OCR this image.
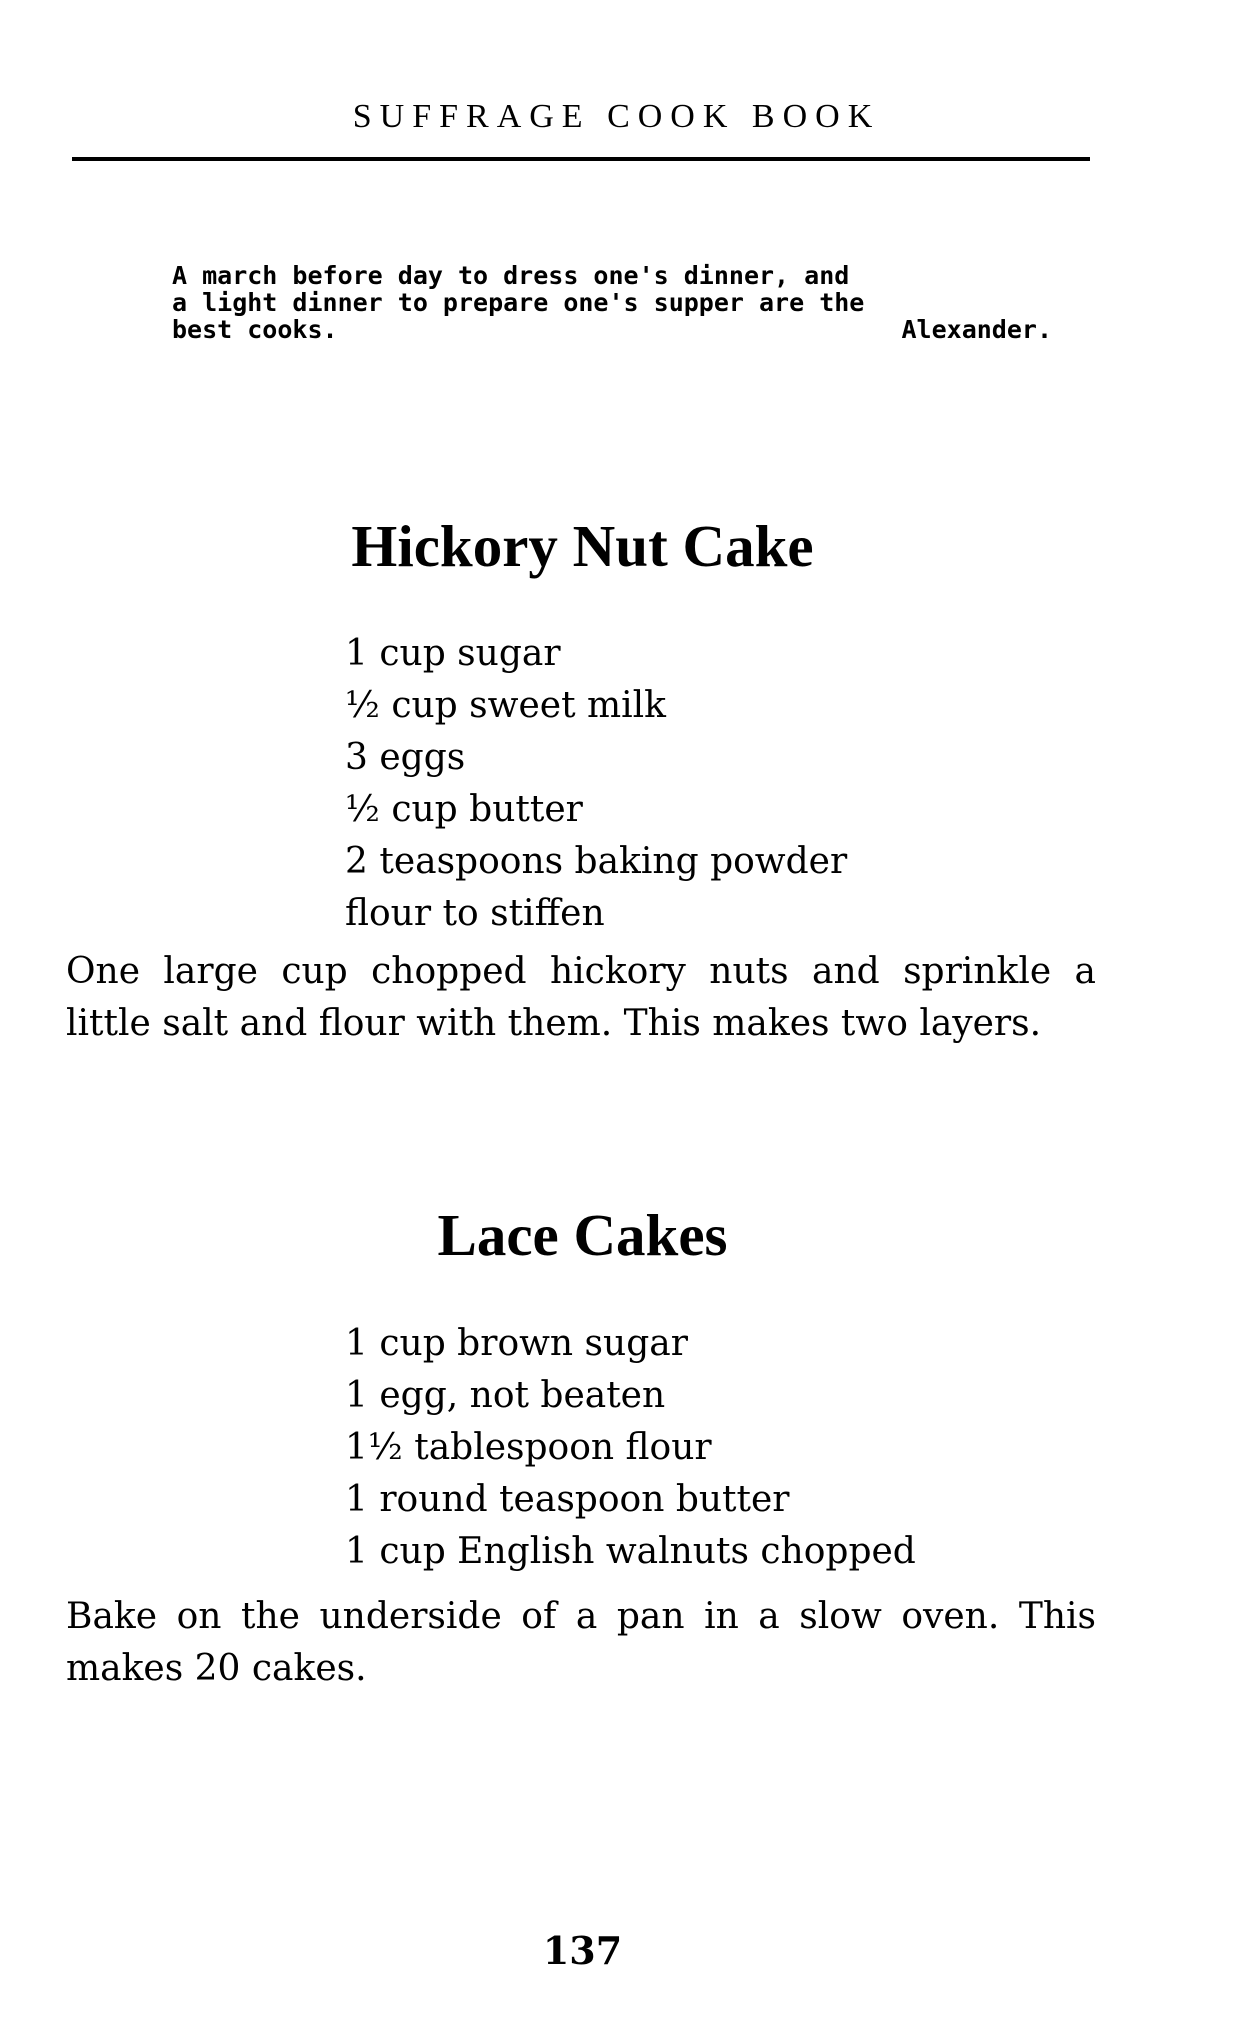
SUFFRAGE COOK BOOK
A march before day to dress one's dinner, and
a light dinner to prepare one's supper are the
best cooks.	Alexander.
Hickory Nut Cake
1 cup sugar
½ cup sweet milk
3 eggs
½ cup butter
2 teaspoons baking powder
flour to stiffen

One large cup chopped hickory nuts and sprinkle a little salt and flour with them. This makes two layers.

Lace Cakes
1 cup brown sugar
1 egg, not beaten
1½ tablespoon flour
1 round teaspoon butter
1 cup English walnuts chopped

Bake on the underside of a pan in a slow oven. This makes 20 cakes.

137
